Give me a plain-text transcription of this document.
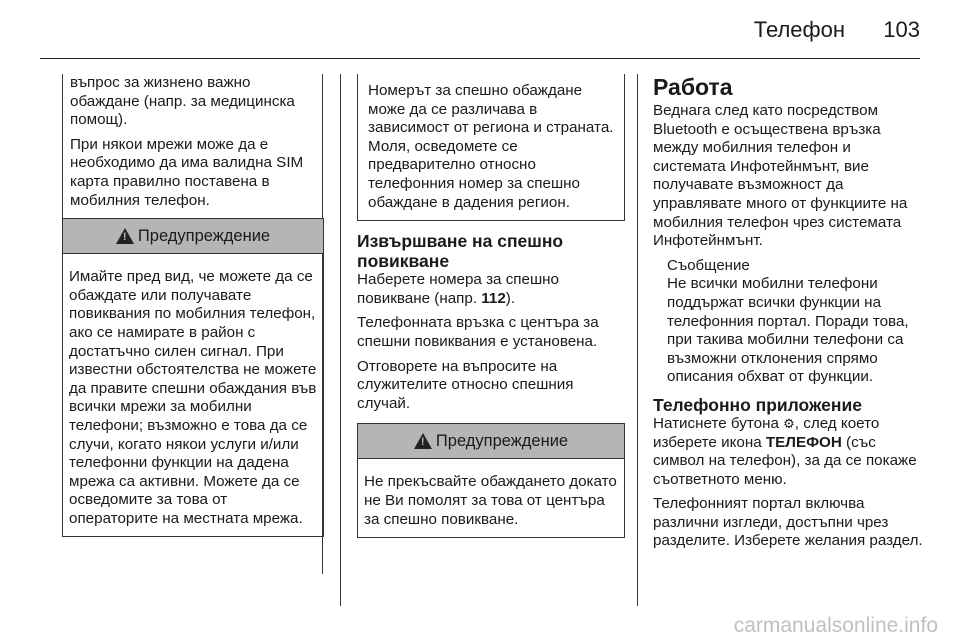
Телефон 103

въпрос за жизнено важно обаждане (напр. за медицинска помощ).

При някои мрежи може да е необходимо да има валидна SIM карта правилно поставена в мобилния телефон.

!
Предупреждение
Имайте пред вид, че можете да се обаждате или получавате повиквания по мобилния телефон, ако се намирате в район с достатъчно силен сигнал. При известни обстоятелства не можете да правите спешни обаждания във всички мрежи за мобилни телефони; възможно е това да се случи, когато някои услуги и/или телефонни функции на дадена мрежа са активни. Можете да се осведомите за това от операторите на местната мрежа.
Номерът за спешно обаждане може да се различава в зависимост от региона и страната. Моля, осведомете се предварително относно телефонния номер за спешно обаждане в дадения регион.
Извършване на спешно повикване

Наберете номера за спешно повикване (напр. 112).

Телефонната връзка с центъра за спешни повиквания е установена.

Отговорете на въпросите на служителите относно спешния случай.

!
Предупреждение
Не прекъсвайте обаждането докато не Ви помолят за това от центъра за спешно повикване.
Работа

Веднага след като посредством Bluetooth е осъществена връзка между мобилния телефон и системата Инфотейнмънт, вие получавате възможност да управлявате много от функциите на мобилния телефон чрез системата Инфотейнмънт.

Съобщение
Не всички мобилни телефони поддържат всички функции на телефонния портал. Поради това, при такива мобилни телефони са възможни отклонения спрямо описания обхват от функции.
Телефонно приложение

Натиснете бутона ⚙, след което изберете икона ТЕЛЕФОН (със символ на телефон), за да се покаже съответното меню.

Телефонният портал включва различни изгледи, достъпни чрез разделите. Изберете желания раздел.

carmanualsonline.info
